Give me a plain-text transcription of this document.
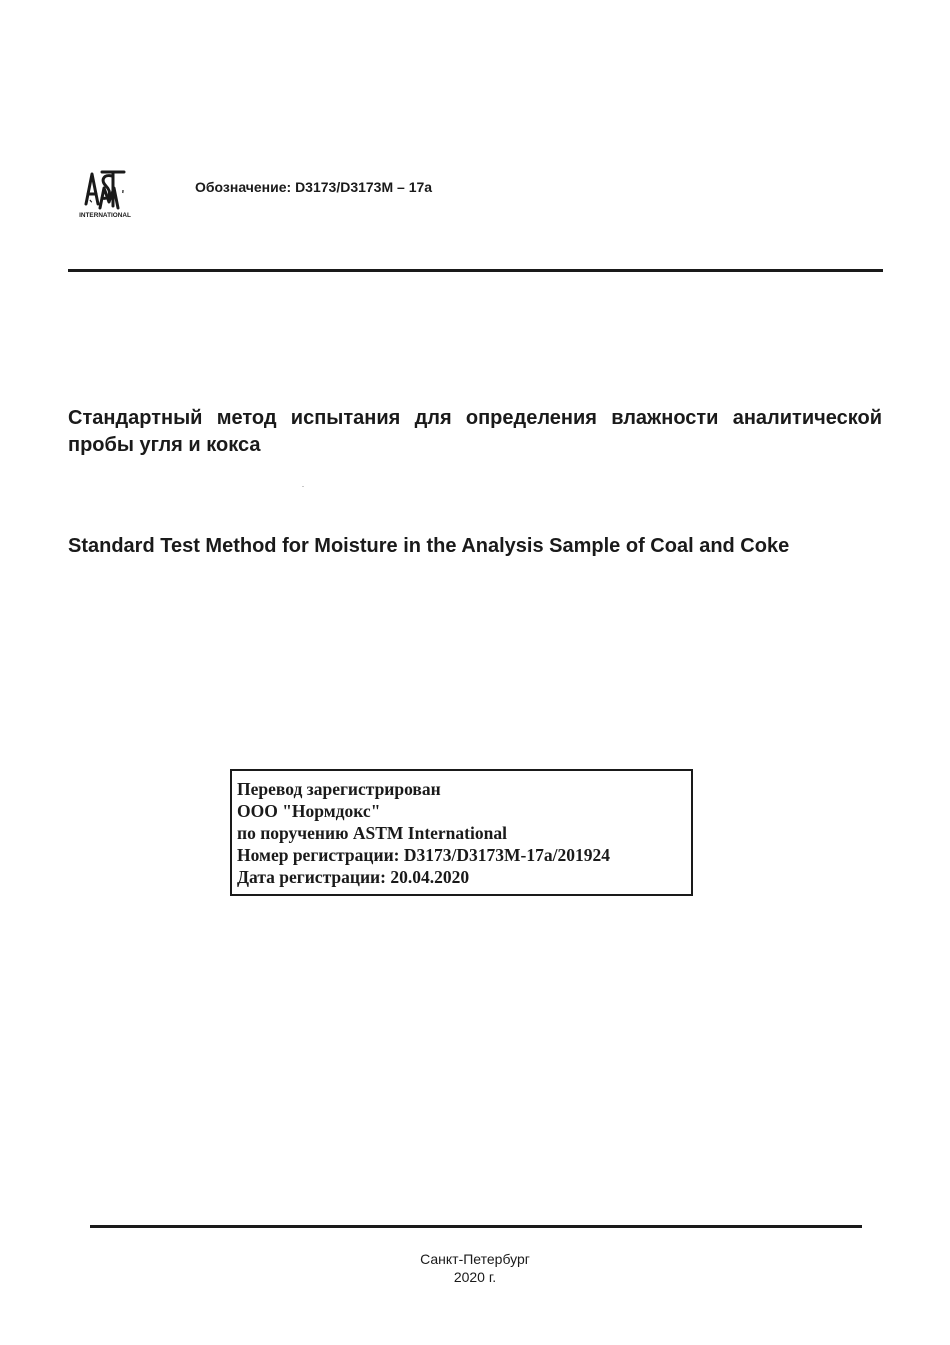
INTERNATIONAL
Обозначение: D3173/D3173M – 17a
Стандартный метод испытания для определения влажности аналитической пробы угля и кокса
Standard Test Method for Moisture in the Analysis Sample of Coal and Coke
Перевод зарегистрирован
ООО "Нормдокс"
по поручению ASTM International
Номер регистрации: D3173/D3173M-17a/201924
Дата регистрации: 20.04.2020
Санкт-Петербург
2020 г.
